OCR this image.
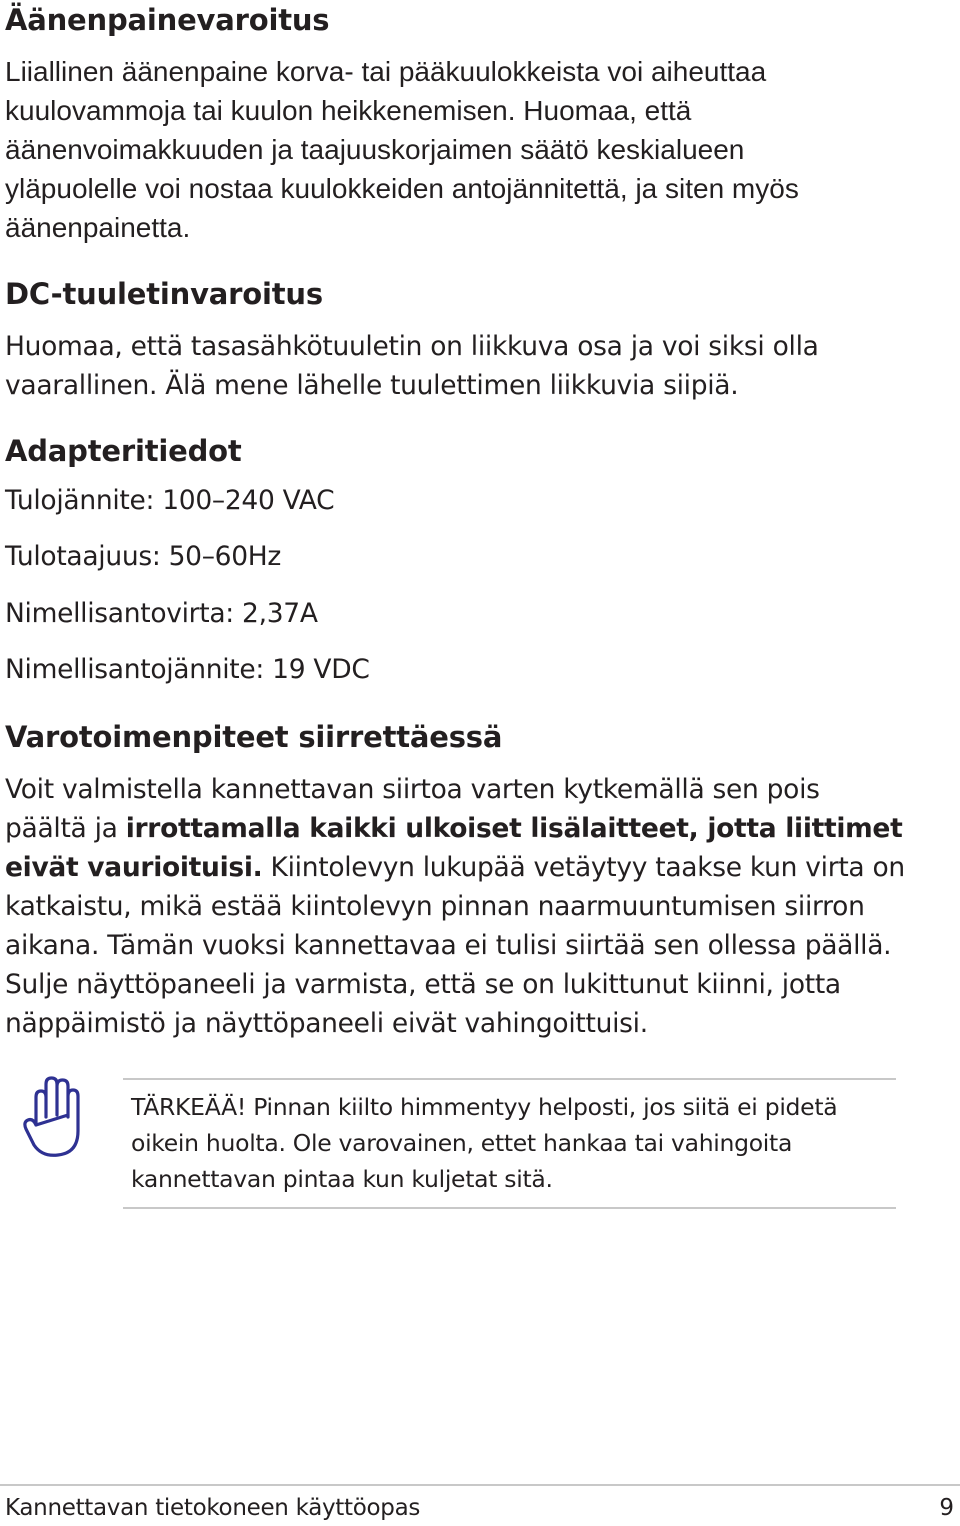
Äänenpainevaroitus
Liiallinen äänenpaine korva- tai pääkuulokkeista voi aiheuttaa
kuulovammoja tai kuulon heikkenemisen. Huomaa, että
äänenvoimakkuuden ja taajuuskorjaimen säätö keskialueen
yläpuolelle voi nostaa kuulokkeiden antojännitettä, ja siten myös
äänenpainetta.
DC-tuuletinvaroitus
Huomaa, että tasasähkötuuletin on liikkuva osa ja voi siksi olla
vaarallinen. Älä mene lähelle tuulettimen liikkuvia siipiä.
Adapteritiedot
Tulojännite: 100–240 VAC
Tulotaajuus: 50–60Hz
Nimellisantovirta: 2,37A
Nimellisantojännite: 19 VDC
Varotoimenpiteet siirrettäessä
Voit valmistella kannettavan siirtoa varten kytkemällä sen pois
päältä ja irrottamalla kaikki ulkoiset lisälaitteet, jotta liittimet
eivät vaurioituisi. Kiintolevyn lukupää vetäytyy taakse kun virta on
katkaistu, mikä estää kiintolevyn pinnan naarmuuntumisen siirron
aikana. Tämän vuoksi kannettavaa ei tulisi siirtää sen ollessa päällä.
Sulje näyttöpaneeli ja varmista, että se on lukittunut kiinni, jotta
näppäimistö ja näyttöpaneeli eivät vahingoittuisi.
TÄRKEÄÄ! Pinnan kiilto himmentyy helposti, jos siitä ei pidetä
oikein huolta. Ole varovainen, ettet hankaa tai vahingoita
kannettavan pintaa kun kuljetat sitä.
Kannettavan tietokoneen käyttöopas	9
